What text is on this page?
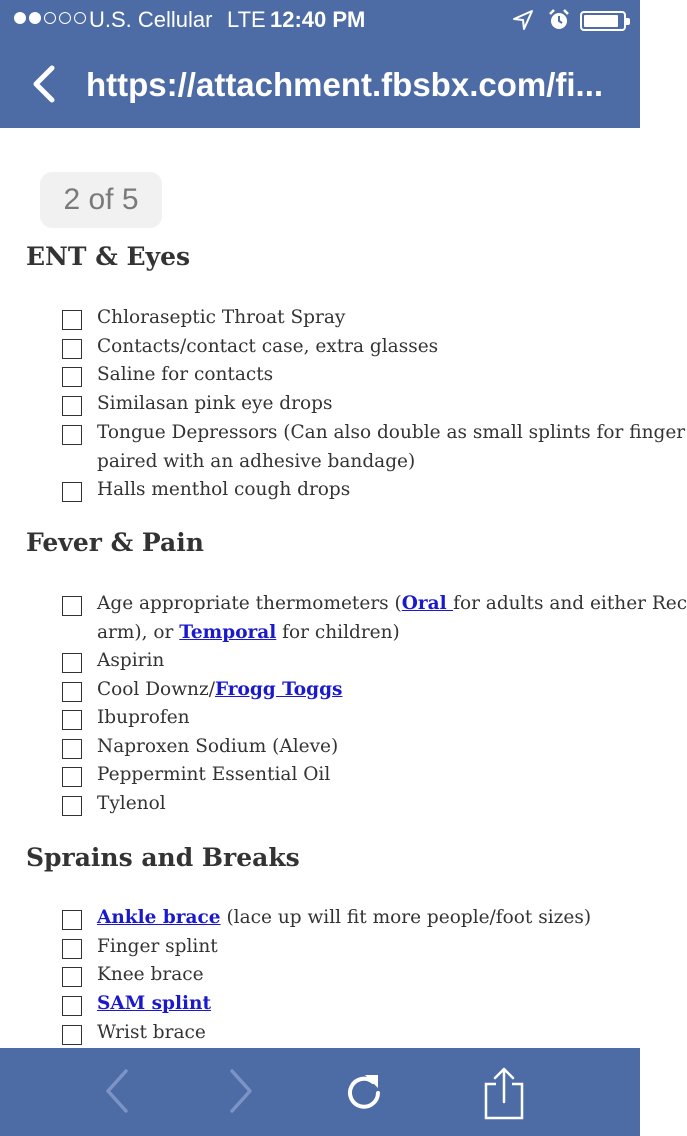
U.S. Cellular LTE 12:40 PM
https://attachment.fbsbx.com/fi...
2 of 5
ENT & Eyes
Chloraseptic Throat Spray
Contacts/contact case, extra glasses
Saline for contacts
Similasan pink eye drops
Tongue Depressors (Can also double as small splints for finger
paired with an adhesive bandage)
Halls menthol cough drops
Fever & Pain
Age appropriate thermometers (Oral for adults and either Rec
arm), or Temporal for children)
Aspirin
Cool Downz/Frogg Toggs
Ibuprofen
Naproxen Sodium (Aleve)
Peppermint Essential Oil
Tylenol
Sprains and Breaks
Ankle brace (lace up will fit more people/foot sizes)
Finger splint
Knee brace
SAM splint
Wrist brace
